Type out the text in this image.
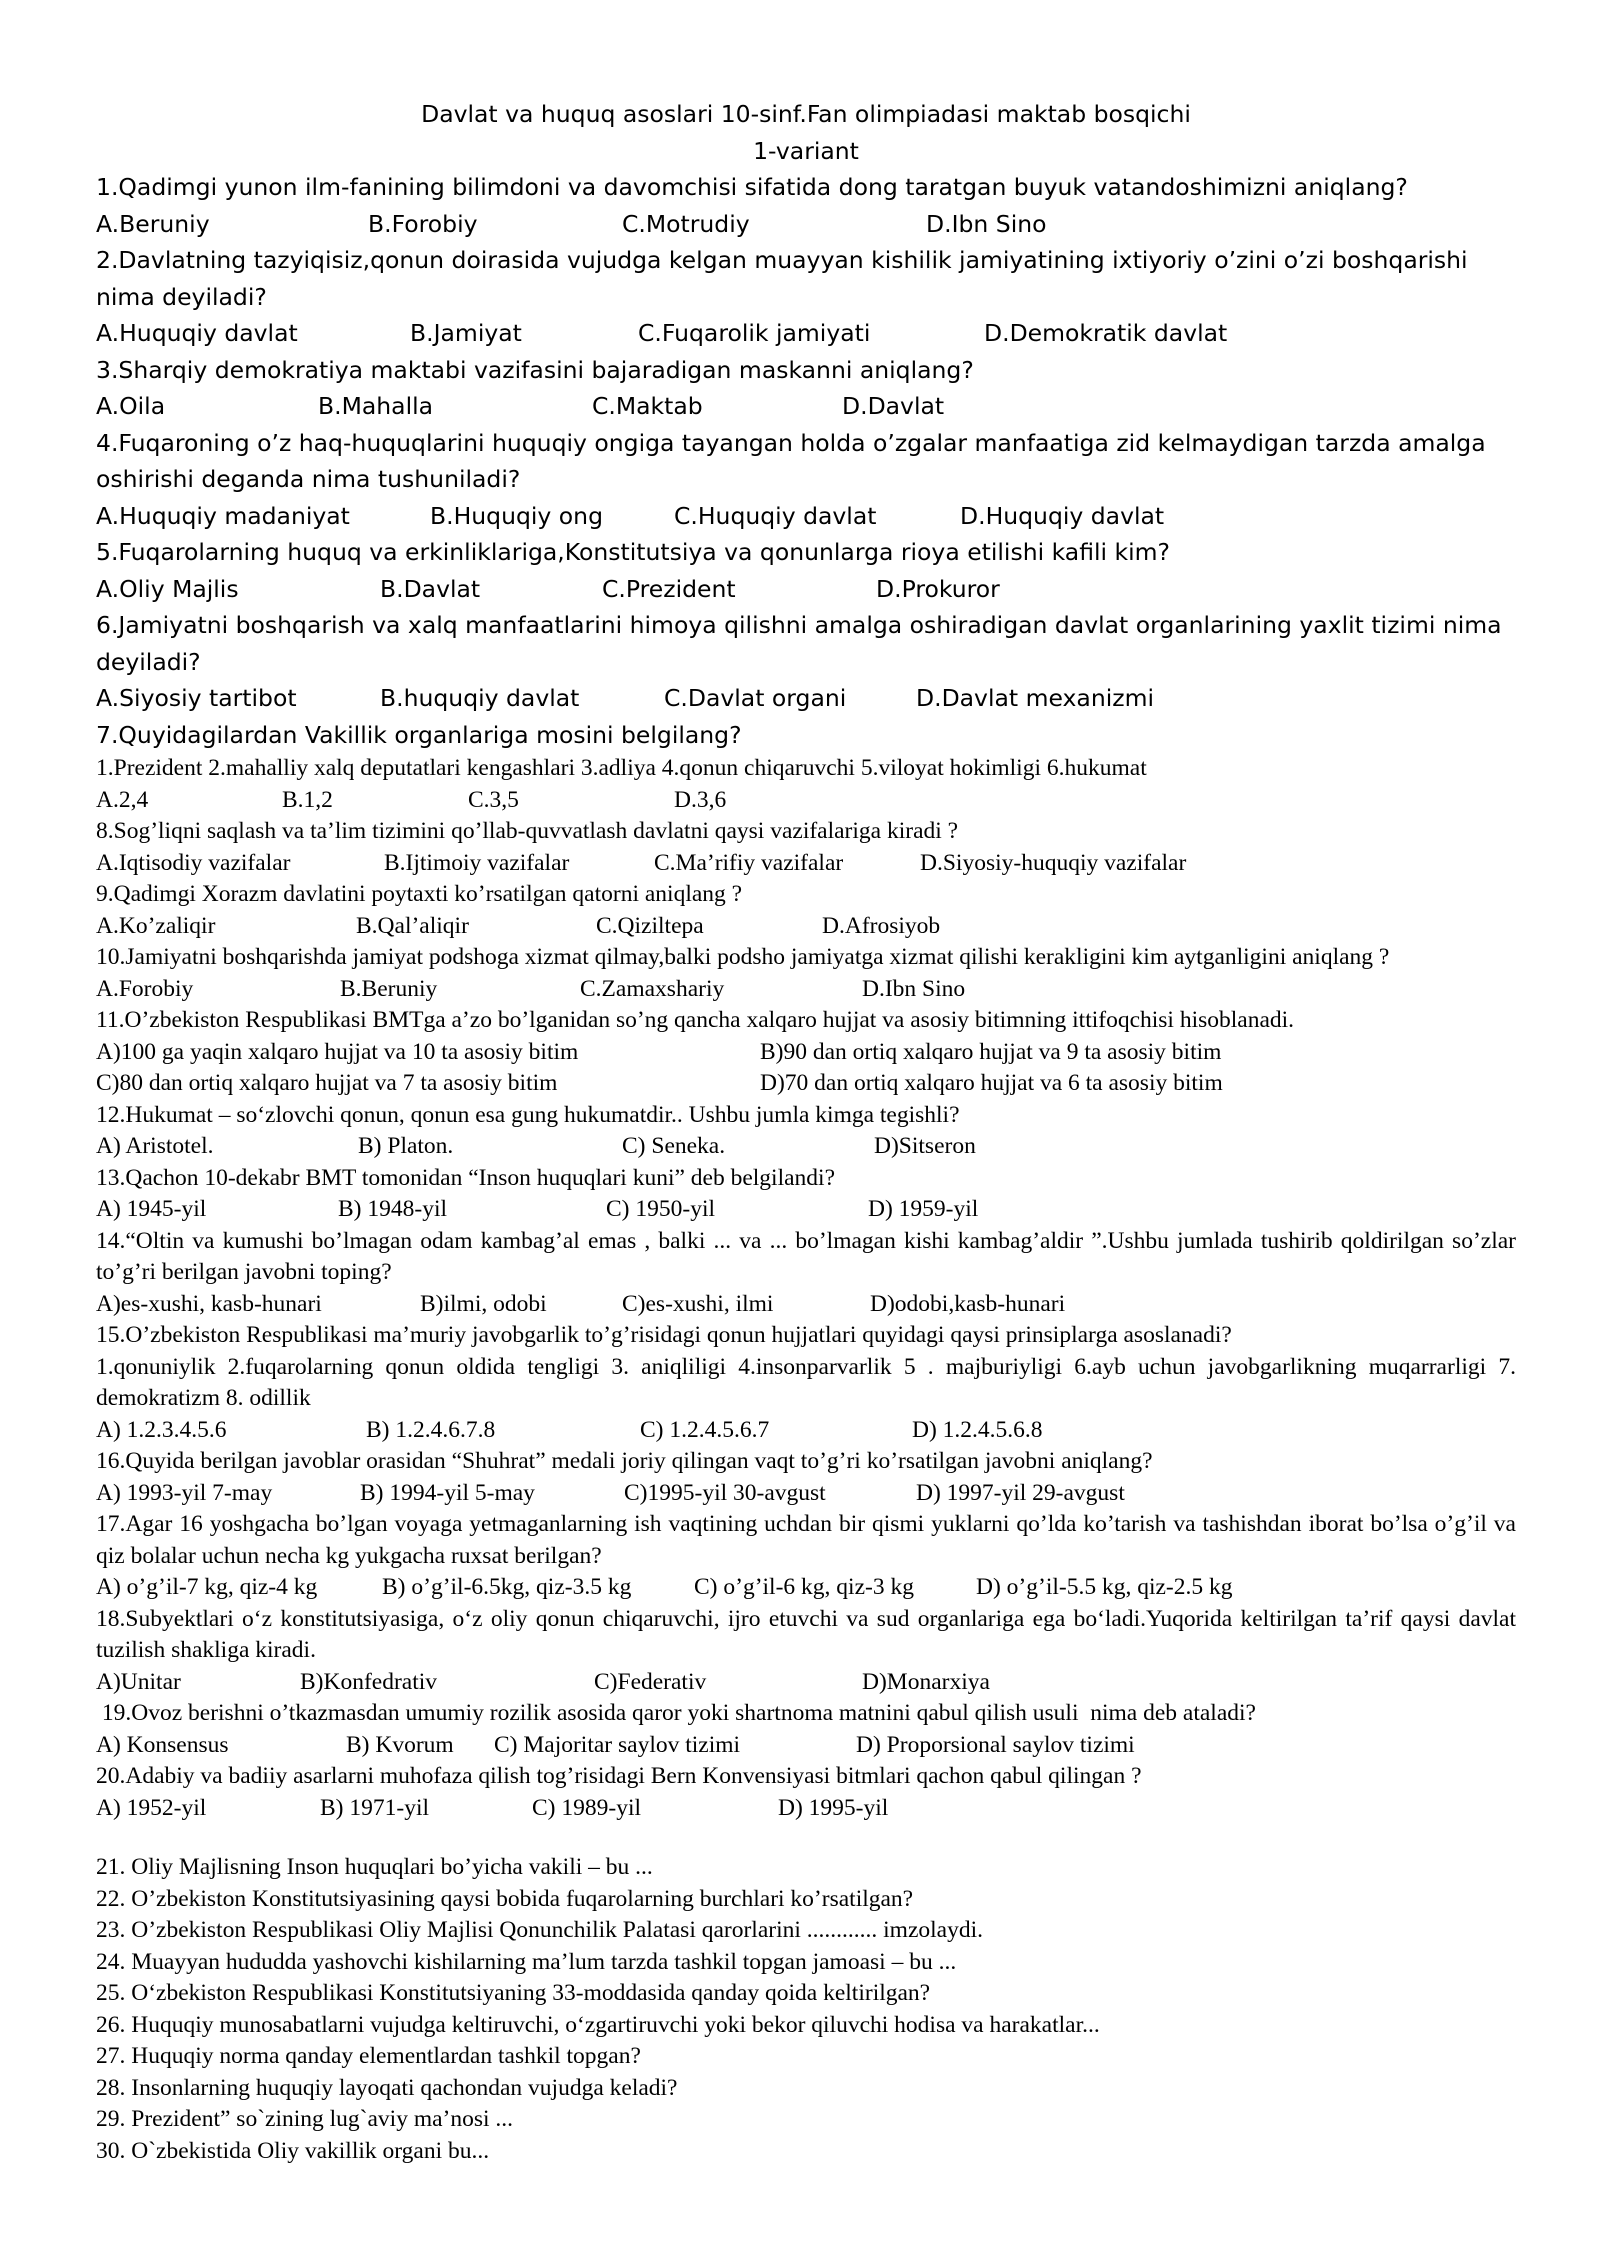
Davlat va huquq asoslari 10-sinf.Fan olimpiadasi maktab bosqichi
1-variant
1.Qadimgi yunon ilm-fanining bilimdoni va davomchisi sifatida dong taratgan buyuk vatandoshimizni aniqlang?
A.Beruniy	B.Forobiy	C.Motrudiy	D.Ibn Sino
2.Davlatning tazyiqisiz,qonun doirasida vujudga kelgan muayyan kishilik jamiyatining ixtiyoriy o’zini o’zi boshqarishi nima deyiladi?
A.Huquqiy davlat	B.Jamiyat	C.Fuqarolik jamiyati	D.Demokratik davlat
3.Sharqiy demokratiya maktabi vazifasini bajaradigan maskanni aniqlang?
A.Oila	B.Mahalla	C.Maktab	D.Davlat
4.Fuqaroning o’z haq-huquqlarini huquqiy ongiga tayangan holda o’zgalar manfaatiga zid kelmaydigan tarzda amalga oshirishi deganda nima tushuniladi?
A.Huquqiy madaniyat	B.Huquqiy ong	C.Huquqiy davlat	D.Huquqiy davlat
5.Fuqarolarning huquq va erkinliklariga,Konstitutsiya va qonunlarga rioya etilishi kafili kim?
A.Oliy Majlis	B.Davlat	C.Prezident	D.Prokuror
6.Jamiyatni boshqarish va xalq manfaatlarini himoya qilishni amalga oshiradigan davlat organlarining yaxlit tizimi nima deyiladi?
A.Siyosiy tartibot	B.huquqiy davlat	C.Davlat organi	D.Davlat mexanizmi
7.Quyidagilardan Vakillik organlariga mosini belgilang?
1.Prezident 2.mahalliy xalq deputatlari kengashlari 3.adliya 4.qonun chiqaruvchi 5.viloyat hokimligi 6.hukumat
A.2,4	B.1,2	C.3,5	D.3,6
8.Sog’liqni saqlash va ta’lim tizimini qo’llab-quvvatlash davlatni qaysi vazifalariga kiradi ?
A.Iqtisodiy vazifalar	B.Ijtimoiy vazifalar	C.Ma’rifiy vazifalar	D.Siyosiy-huquqiy vazifalar
9.Qadimgi Xorazm davlatini poytaxti ko’rsatilgan qatorni aniqlang ?
A.Ko’zaliqir	B.Qal’aliqir	C.Qiziltepa	D.Afrosiyob
10.Jamiyatni boshqarishda jamiyat podshoga xizmat qilmay,balki podsho jamiyatga xizmat qilishi kerakligini kim aytganligini aniqlang ?
A.Forobiy	B.Beruniy	C.Zamaxshariy	D.Ibn Sino
11.O’zbekiston Respublikasi BMTga a’zo bo’lganidan so’ng qancha xalqaro hujjat va asosiy bitimning ittifoqchisi hisoblanadi.
A)100 ga yaqin xalqaro hujjat va 10 ta asosiy bitim	B)90 dan ortiq xalqaro hujjat va 9 ta asosiy bitim
C)80 dan ortiq xalqaro hujjat va 7 ta asosiy bitim	D)70 dan ortiq xalqaro hujjat va 6 ta asosiy bitim
12.Hukumat – so‘zlovchi qonun, qonun esa gung hukumatdir.. Ushbu jumla kimga tegishli?
A) Aristotel.	B) Platon.	C) Seneka.	D)Sitseron
13.Qachon 10-dekabr BMT tomonidan “Inson huquqlari kuni” deb belgilandi?
A) 1945-yil	B) 1948-yil	C) 1950-yil	D) 1959-yil
14.“Oltin va kumushi bo’lmagan odam kambag’al emas , balki ... va ... bo’lmagan kishi kambag’aldir ”.Ushbu jumlada tushirib qoldirilgan so’zlar to’g’ri berilgan javobni toping?
A)es-xushi, kasb-hunari	B)ilmi, odobi	C)es-xushi, ilmi	D)odobi,kasb-hunari
15.O’zbekiston Respublikasi ma’muriy javobgarlik to’g’risidagi qonun hujjatlari quyidagi qaysi prinsiplarga asoslanadi?
1.qonuniylik 2.fuqarolarning qonun oldida tengligi 3. aniqliligi 4.insonparvarlik 5 . majburiyligi 6.ayb uchun javobgarlikning muqarrarligi 7. demokratizm 8. odillik
A) 1.2.3.4.5.6	B) 1.2.4.6.7.8	C) 1.2.4.5.6.7	D) 1.2.4.5.6.8
16.Quyida berilgan javoblar orasidan “Shuhrat” medali joriy qilingan vaqt to’g’ri ko’rsatilgan javobni aniqlang?
A) 1993-yil 7-may	B) 1994-yil 5-may	C)1995-yil 30-avgust	D) 1997-yil 29-avgust
17.Agar 16 yoshgacha bo’lgan voyaga yetmaganlarning ish vaqtining uchdan bir qismi yuklarni qo’lda ko’tarish va tashishdan iborat bo’lsa o’g’il va qiz bolalar uchun necha kg yukgacha ruxsat berilgan?
A) o’g’il-7 kg, qiz-4 kg	B) o’g’il-6.5kg, qiz-3.5 kg	C) o’g’il-6 kg, qiz-3 kg	D) o’g’il-5.5 kg, qiz-2.5 kg
18.Subyektlari o‘z konstitutsiyasiga, o‘z oliy qonun chiqaruvchi, ijro etuvchi va sud organlariga ega bo‘ladi.Yuqorida keltirilgan ta’rif qaysi davlat tuzilish shakliga kiradi.
A)Unitar	B)Konfedrativ	C)Federativ	D)Monarxiya
19.Ovoz berishni o’tkazmasdan umumiy rozilik asosida qaror yoki shartnoma matnini qabul qilish usuli  nima deb ataladi?
A) Konsensus	B) Kvorum	C) Majoritar saylov tizimi	D) Proporsional saylov tizimi
20.Adabiy va badiiy asarlarni muhofaza qilish tog’risidagi Bern Konvensiyasi bitmlari qachon qabul qilingan ?
A) 1952-yil	B) 1971-yil	C) 1989-yil	D) 1995-yil
21. Oliy Majlisning Inson huquqlari bo’yicha vakili – bu ...
22. O’zbekiston Konstitutsiyasining qaysi bobida fuqarolarning burchlari ko’rsatilgan?
23. O’zbekiston Respublikasi Oliy Majlisi Qonunchilik Palatasi qarorlarini ............ imzolaydi.
24. Muayyan hududda yashovchi kishilarning ma’lum tarzda tashkil topgan jamoasi – bu ...
25. O‘zbekiston Respublikasi Konstitutsiyaning 33-moddasida qanday qoida keltirilgan?
26. Huquqiy munosabatlarni vujudga keltiruvchi, o‘zgartiruvchi yoki bekor qiluvchi hodisa va harakatlar...
27. Huquqiy norma qanday elementlardan tashkil topgan?
28. Insonlarning huquqiy layoqati qachondan vujudga keladi?
29. Prezident” so`zining lug`aviy ma’nosi ...
30. O`zbekistida Oliy vakillik organi bu...
